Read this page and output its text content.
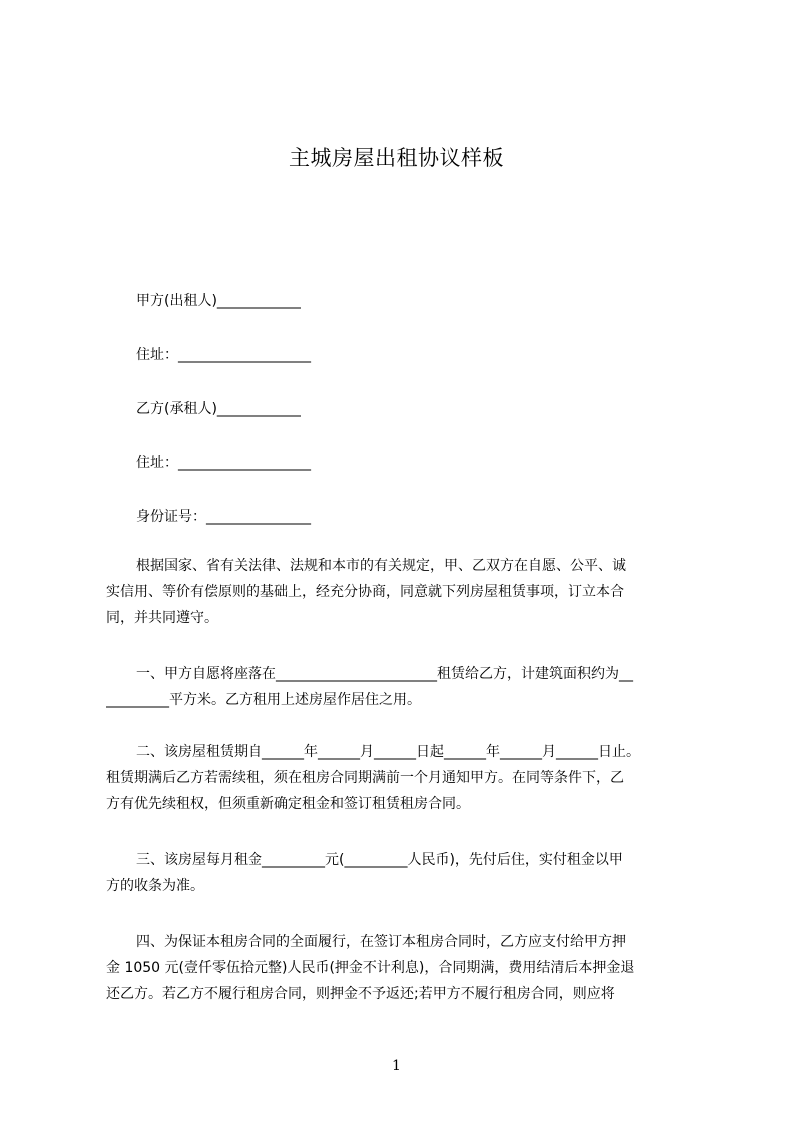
主城房屋出租协议样板
甲方(出租人)____________
住址：___________________
乙方(承租人)____________
住址：___________________
身份证号：_______________
根据国家、省有关法律、法规和本市的有关规定，甲、乙双方在自愿、公平、诚
实信用、等价有偿原则的基础上，经充分协商，同意就下列房屋租赁事项，订立本合
同，并共同遵守。
一、甲方自愿将座落在_______________________租赁给乙方，计建筑面积约为__
_________平方米。乙方租用上述房屋作居住之用。
二、该房屋租赁期自______年______月______日起______年______月______日止。
租赁期满后乙方若需续租，须在租房合同期满前一个月通知甲方。在同等条件下，乙
方有优先续租权，但须重新确定租金和签订租赁租房合同。
三、该房屋每月租金_________元(_________人民币)，先付后住，实付租金以甲
方的收条为准。
四、为保证本租房合同的全面履行，在签订本租房合同时，乙方应支付给甲方押
金 1050 元(壹仟零伍拾元整)人民币(押金不计利息)，合同期满，费用结清后本押金退
还乙方。若乙方不履行租房合同，则押金不予返还;若甲方不履行租房合同，则应将
1
